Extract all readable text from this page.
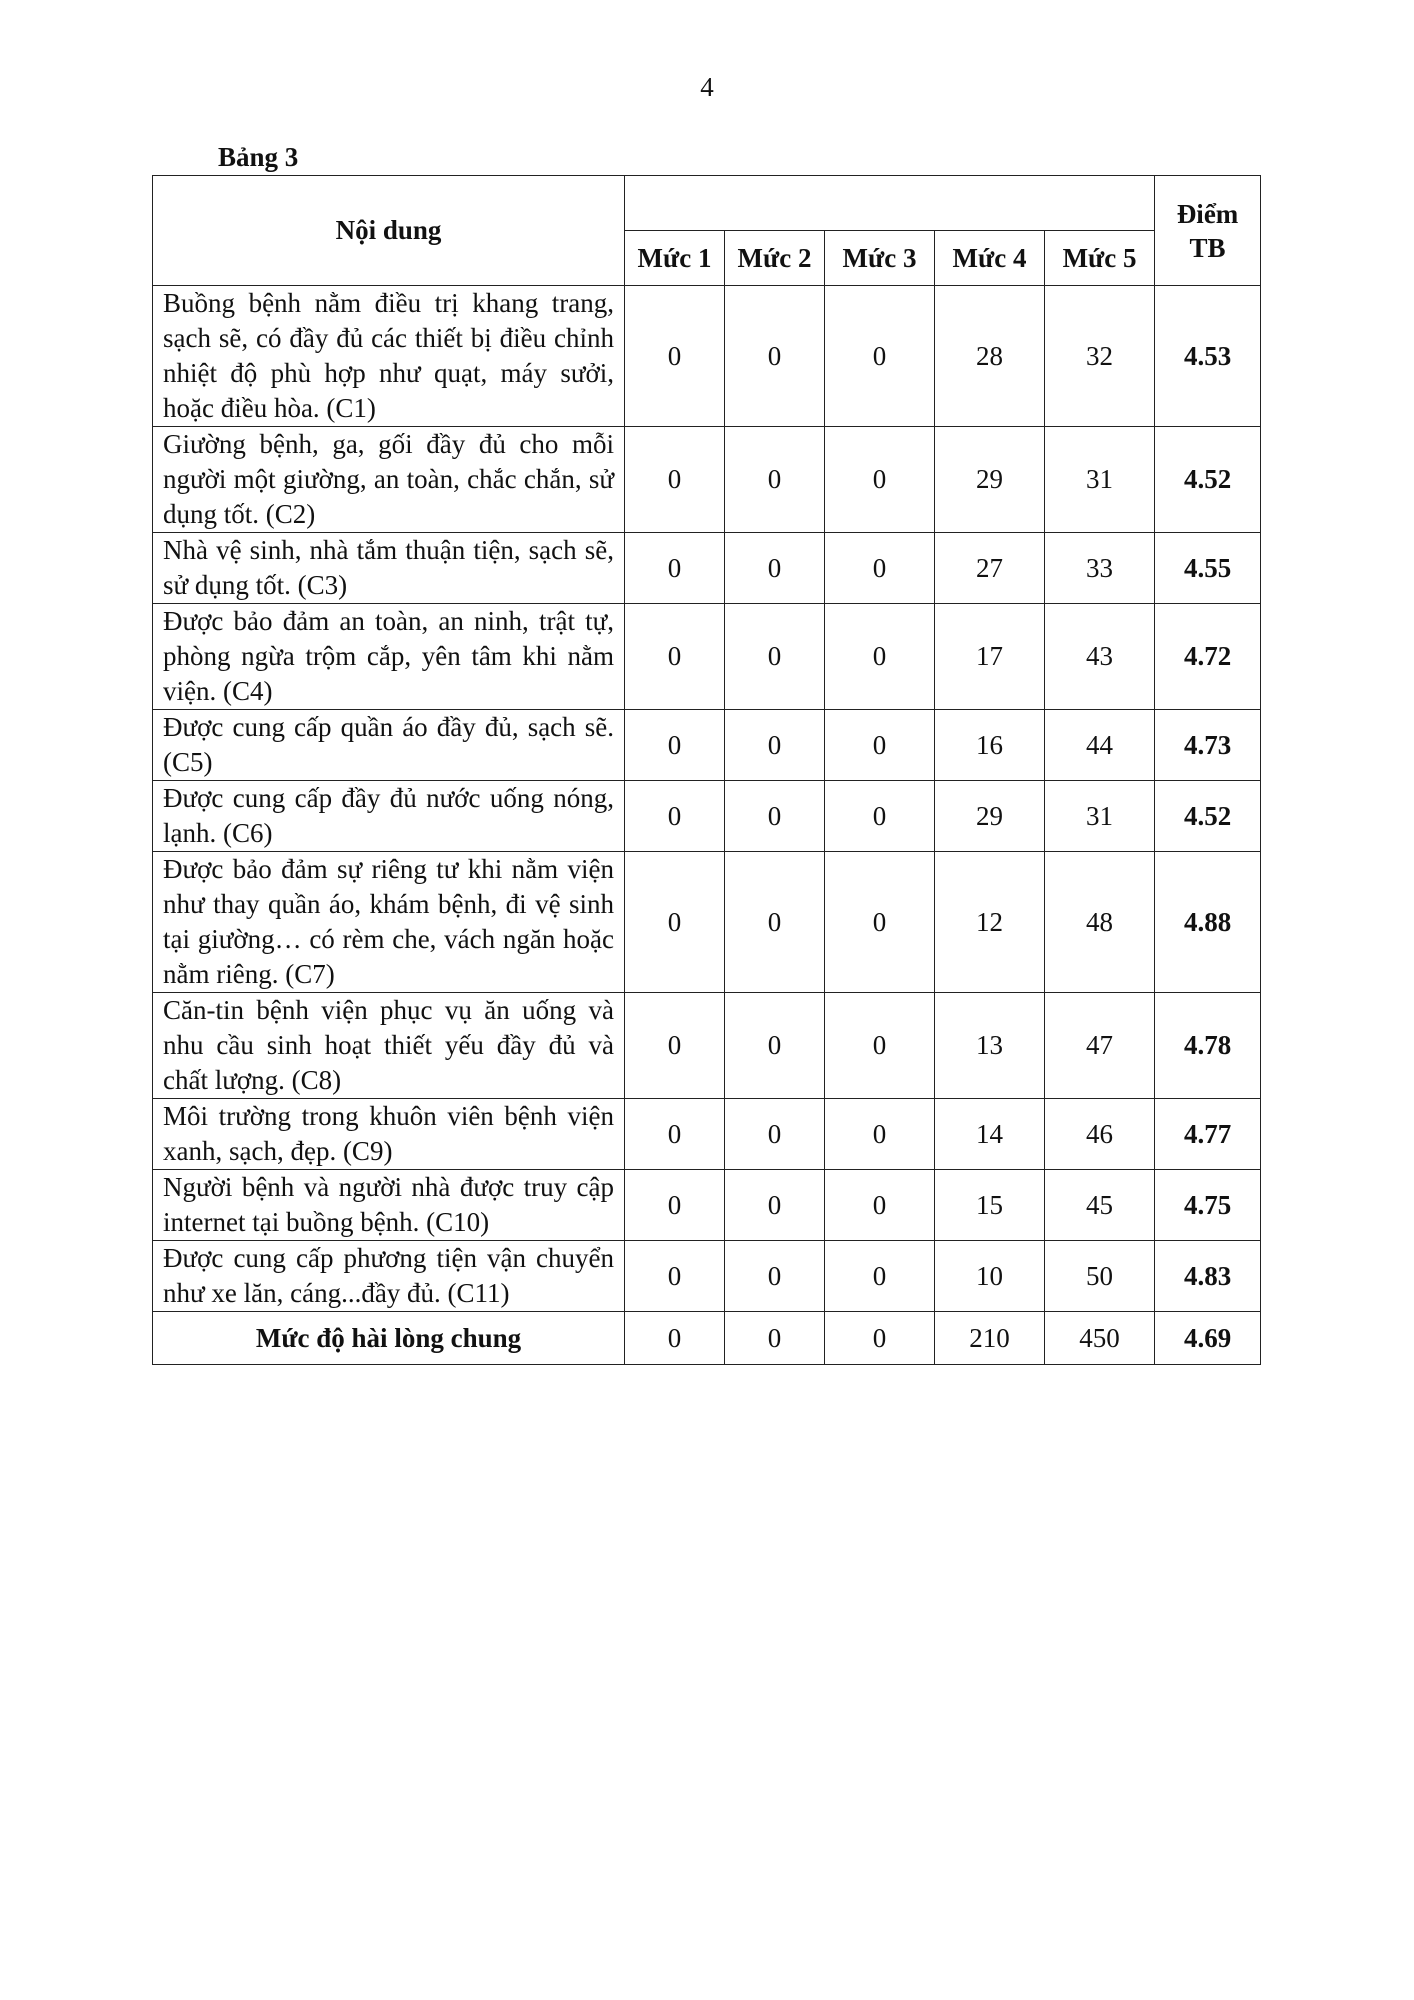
4
Bảng 3
Nội dung						Điểm TB
	Mức 1	Mức 2	Mức 3	Mức 4	Mức 5	
Buồng bệnh nằm điều trị khang trang, sạch sẽ, có đầy đủ các thiết bị điều chỉnh nhiệt độ phù hợp như quạt, máy sưởi, hoặc điều hòa. (C1)	0	0	0	28	32	4.53
Giường bệnh, ga, gối đầy đủ cho mỗi người một giường, an toàn, chắc chắn, sử dụng tốt. (C2)	0	0	0	29	31	4.52
Nhà vệ sinh, nhà tắm thuận tiện, sạch sẽ, sử dụng tốt. (C3)	0	0	0	27	33	4.55
Được bảo đảm an toàn, an ninh, trật tự, phòng ngừa trộm cắp, yên tâm khi nằm viện. (C4)	0	0	0	17	43	4.72
Được cung cấp quần áo đầy đủ, sạch sẽ. (C5)	0	0	0	16	44	4.73
Được cung cấp đầy đủ nước uống nóng, lạnh. (C6)	0	0	0	29	31	4.52
Được bảo đảm sự riêng tư khi nằm viện như thay quần áo, khám bệnh, đi vệ sinh tại giường… có rèm che, vách ngăn hoặc nằm riêng. (C7)	0	0	0	12	48	4.88
Căn-tin bệnh viện phục vụ ăn uống và nhu cầu sinh hoạt thiết yếu đầy đủ và chất lượng. (C8)	0	0	0	13	47	4.78
Môi trường trong khuôn viên bệnh viện xanh, sạch, đẹp. (C9)	0	0	0	14	46	4.77
Người bệnh và người nhà được truy cập internet tại buồng bệnh. (C10)	0	0	0	15	45	4.75
Được cung cấp phương tiện vận chuyển như xe lăn, cáng...đầy đủ. (C11)	0	0	0	10	50	4.83
Mức độ hài lòng chung	0	0	0	210	450	4.69
